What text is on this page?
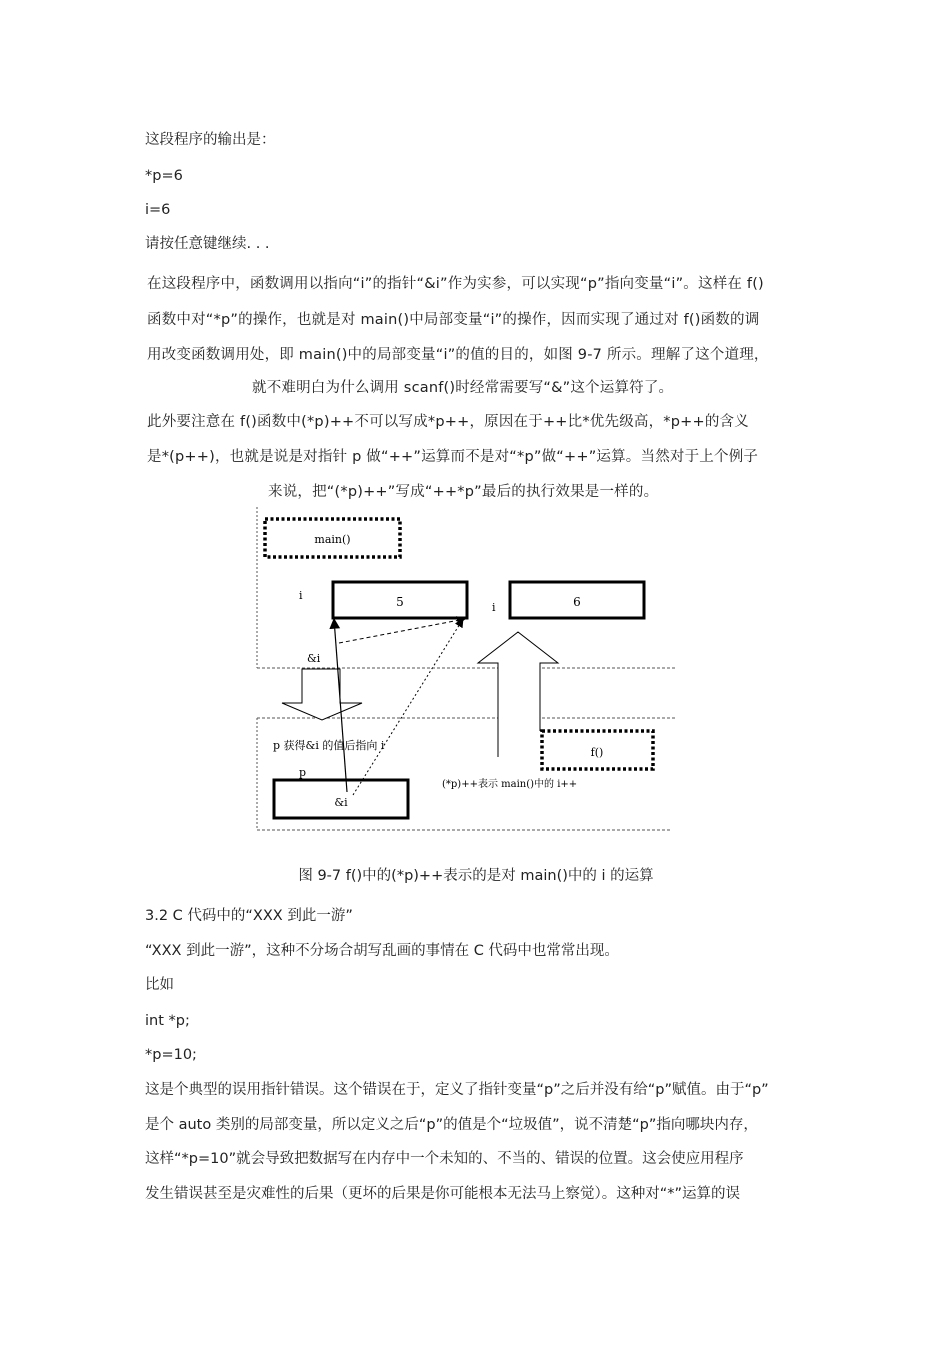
这段程序的输出是：
*p=6
i=6
请按任意键继续. . .
在这段程序中，函数调用以指向“i”的指针“&i”作为实参，可以实现“p”指向变量“i”。这样在 f()
函数中对“*p”的操作，也就是对 main()中局部变量“i”的操作，因而实现了通过对 f()函数的调
用改变函数调用处，即 main()中的局部变量“i”的值的目的，如图 9-7 所示。理解了这个道理，
就不难明白为什么调用 scanf()时经常需要写“&”这个运算符了。
此外要注意在 f()函数中(*p)++不可以写成*p++，原因在于++比*优先级高，*p++的含义
是*(p++)，也就是说是对指针 p 做“++”运算而不是对“*p”做“++”运算。当然对于上个例子
来说，把“(*p)++”写成“++*p”最后的执行效果是一样的。
main()
i	5	i	6
&i
p 获得&i 的值后指向 i
p
&i
f()
(*p)++表示 main()中的 i++
图 9-7 f()中的(*p)++表示的是对 main()中的 i 的运算
3.2 C 代码中的“XXX 到此一游”
“XXX 到此一游”，这种不分场合胡写乱画的事情在 C 代码中也常常出现。
比如
int *p;
*p=10;
这是个典型的误用指针错误。这个错误在于，定义了指针变量“p”之后并没有给“p”赋值。由于“p”
是个 auto 类别的局部变量，所以定义之后“p”的值是个“垃圾值”，说不清楚“p”指向哪块内存，
这样“*p=10”就会导致把数据写在内存中一个未知的、不当的、错误的位置。这会使应用程序
发生错误甚至是灾难性的后果（更坏的后果是你可能根本无法马上察觉）。这种对“*”运算的误
